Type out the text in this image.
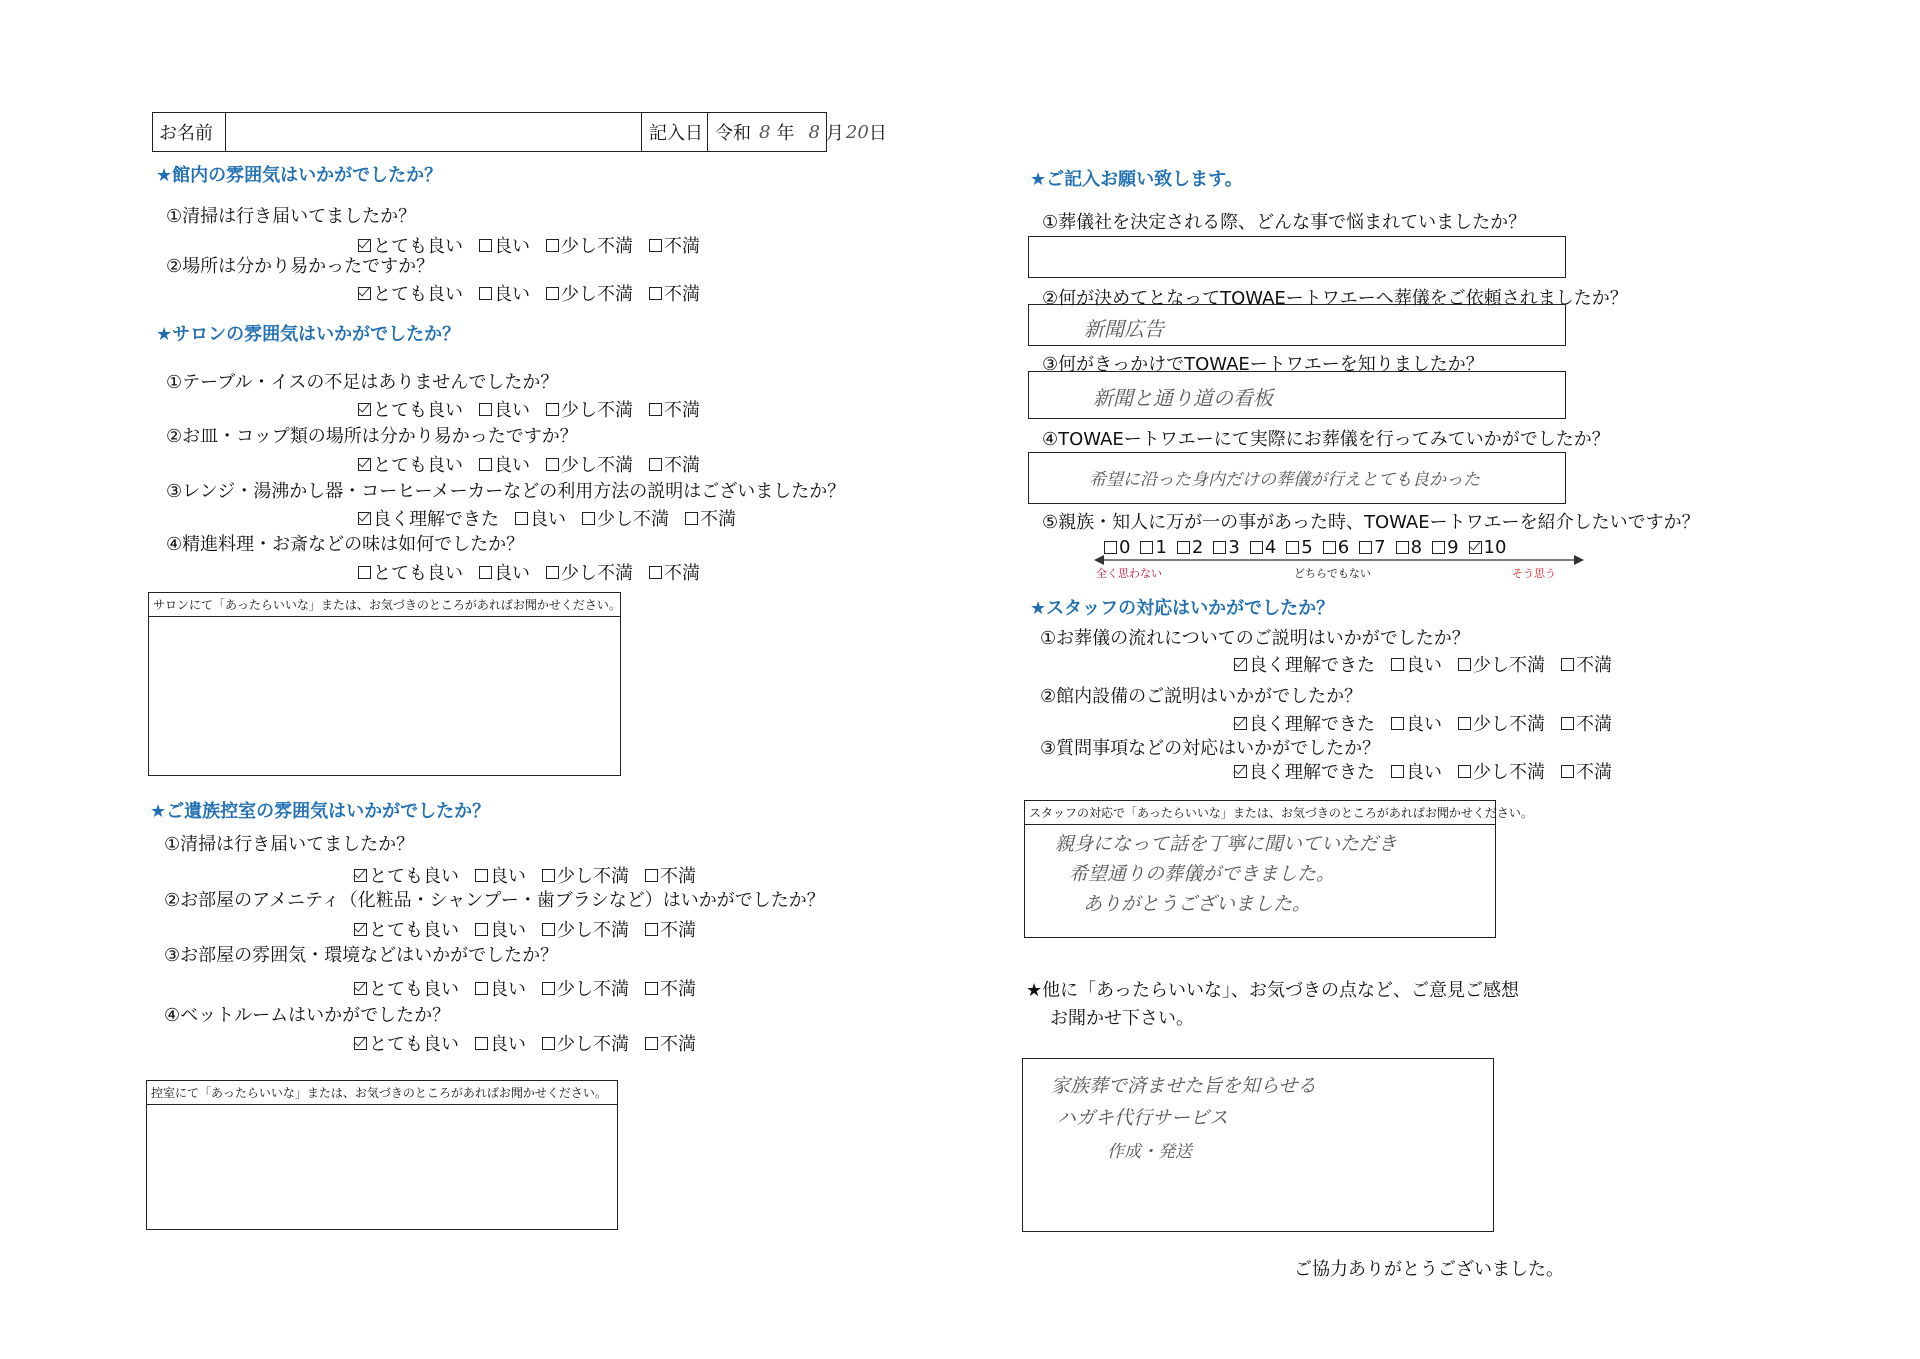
お名前	記入日 令和 8 年 8 月 20 日
★館内の雰囲気はいかがでしたか？
①清掃は行き届いてましたか？
とても良い 良い 少し不満 不満
②場所は分かり易かったですか？
とても良い 良い 少し不満 不満
★サロンの雰囲気はいかがでしたか？
①テーブル・イスの不足はありませんでしたか？
とても良い 良い 少し不満 不満
②お皿・コップ類の場所は分かり易かったですか？
とても良い 良い 少し不満 不満
③レンジ・湯沸かし器・コーヒーメーカーなどの利用方法の説明はございましたか？
良く理解できた 良い 少し不満 不満
④精進料理・お斎などの味は如何でしたか？
とても良い 良い 少し不満 不満
サロンにて「あったらいいな」または、お気づきのところがあればお聞かせください。
★ご遺族控室の雰囲気はいかがでしたか？
①清掃は行き届いてましたか？
とても良い 良い 少し不満 不満
②お部屋のアメニティ（化粧品・シャンプー・歯ブラシなど）はいかがでしたか？
とても良い 良い 少し不満 不満
③お部屋の雰囲気・環境などはいかがでしたか？
とても良い 良い 少し不満 不満
④ベットルームはいかがでしたか？
とても良い 良い 少し不満 不満
控室にて「あったらいいな」または、お気づきのところがあればお聞かせください。
★ご記入お願い致します。
①葬儀社を決定される際、どんな事で悩まれていましたか？
②何が決めてとなってTOWAEートワエーへ葬儀をご依頼されましたか？
新聞広告
③何がきっかけでTOWAEートワエーを知りましたか？
新聞と通り道の看板
④TOWAEートワエーにて実際にお葬儀を行ってみていかがでしたか？
希望に沿った身内だけの葬儀が行えとても良かった
⑤親族・知人に万が一の事があった時、TOWAEートワエーを紹介したいですか？
0 1 2 3 4 5 6 7 8 9 10
全く思わない	どちらでもない	そう思う
★スタッフの対応はいかがでしたか？
①お葬儀の流れについてのご説明はいかがでしたか？
良く理解できた 良い 少し不満 不満
②館内設備のご説明はいかがでしたか？
良く理解できた 良い 少し不満 不満
③質問事項などの対応はいかがでしたか？
良く理解できた 良い 少し不満 不満
スタッフの対応で「あったらいいな」または、お気づきのところがあればお聞かせください。
親身になって話を丁寧に聞いていただき
希望通りの葬儀ができました。
ありがとうございました。
★他に「あったらいいな」、お気づきの点など、ご意見ご感想
お聞かせ下さい。
家族葬で済ませた旨を知らせる
ハガキ代行サービス
作成・発送
ご協力ありがとうございました。
